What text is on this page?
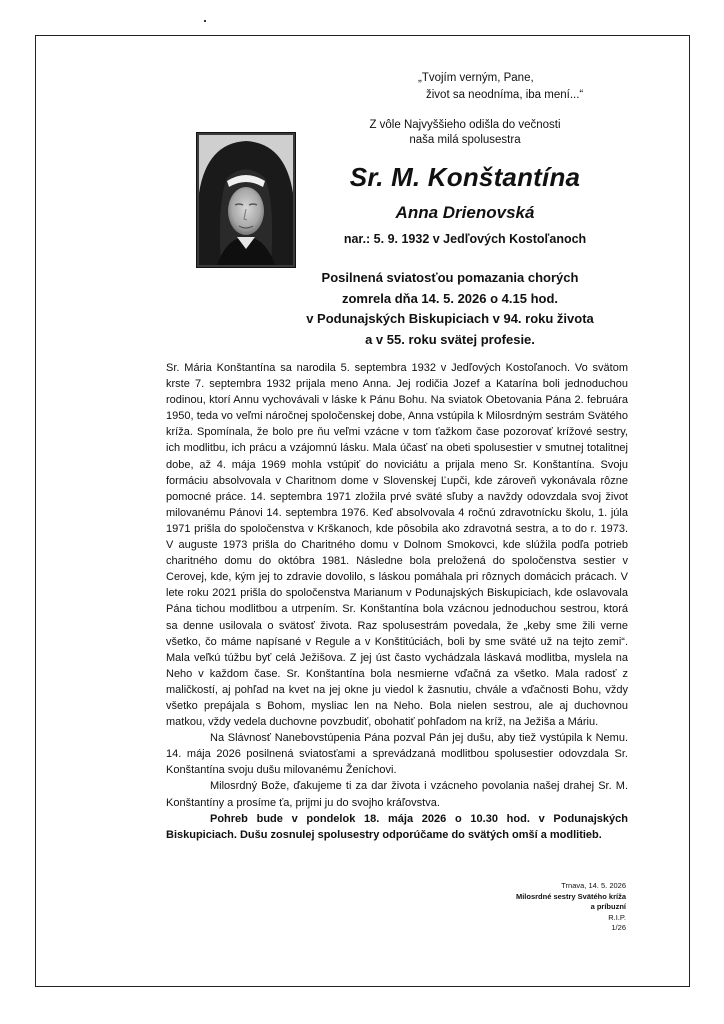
„Tvojím verným, Pane,
život sa neodníma, iba mení...“
Z vôle Najvyššieho odišla do večnosti
naša milá spolusestra
Sr. M. Konštantína
Anna Drienovská
nar.: 5. 9. 1932 v Jedľových Kostoľanoch
Posilnená sviatosťou pomazania chorých
zomrela dňa 14. 5. 2026 o 4.15 hod.
v Podunajských Biskupiciach v 94. roku života
a v 55. roku svätej profesie.

Sr. Mária Konštantína sa narodila 5. septembra 1932 v Jedľových Kostoľanoch. Vo svätom krste 7. septembra 1932 prijala meno Anna. Jej rodičia Jozef a Katarína boli jednoduchou rodinou, ktorí Annu vychovávali v láske k Pánu Bohu. Na sviatok Obetovania Pána 2. februára 1950, teda vo veľmi náročnej spoločenskej dobe, Anna vstúpila k Milosrdným sestrám Svätého kríža. Spomínala, že bolo pre ňu veľmi vzácne v tom ťažkom čase pozorovať krížové sestry, ich modlitbu, ich prácu a vzájomnú lásku. Mala účasť na obeti spolusestier v smutnej totalitnej dobe, až 4. mája 1969 mohla vstúpiť do noviciátu a prijala meno Sr. Konštantína. Svoju formáciu absolvovala v Charitnom dome v Slovenskej Ľupči, kde zároveň vykonávala rôzne pomocné práce. 14. septembra 1971 zložila prvé sväté sľuby a navždy odovzdala svoj život milovanému Pánovi 14. septembra 1976. Keď absolvovala 4 ročnú zdravotnícku školu, 1. júla 1971 prišla do spoločenstva v Krškanoch, kde pôsobila ako zdravotná sestra, a to do r. 1973. V auguste 1973 prišla do Charitného domu v Dolnom Smokovci, kde slúžila podľa potrieb charitného domu do októbra 1981. Následne bola preložená do spoločenstva sestier v Cerovej, kde, kým jej to zdravie dovolilo, s láskou pomáhala pri rôznych domácich prácach. V lete roku 2021 prišla do spoločenstva Marianum v Podunajských Biskupiciach, kde oslavovala Pána tichou modlitbou a utrpením. Sr. Konštantína bola vzácnou jednoduchou sestrou, ktorá sa denne usilovala o svätosť života. Raz spolusestrám povedala, že „keby sme žili verne všetko, čo máme napísané v Regule a v Konštitúciách, boli by sme sväté už na tejto zemi“. Mala veľkú túžbu byť celá Ježišova. Z jej úst často vychádzala láskavá modlitba, myslela na Neho v každom čase. Sr. Konštantína bola nesmierne vďačná za všetko. Mala radosť z maličkostí, aj pohľad na kvet na jej okne ju viedol k žasnutiu, chvále a vďačnosti Bohu, vždy všetko prepájala s Bohom, mysliac len na Neho. Bola nielen sestrou, ale aj duchovnou matkou, vždy vedela duchovne povzbudiť, obohatiť pohľadom na kríž, na Ježiša a Máriu.

Na Slávnosť Nanebovstúpenia Pána pozval Pán jej dušu, aby tiež vystúpila k Nemu. 14. mája 2026 posilnená sviatosťami a sprevádzaná modlitbou spolusestier odovzdala Sr. Konštantína svoju dušu milovanému Ženíchovi.

Milosrdný Bože, ďakujeme ti za dar života i vzácneho povolania našej drahej Sr. M. Konštantíny a prosíme ťa, prijmi ju do svojho kráľovstva.

Pohreb bude v pondelok 18. mája 2026 o 10.30 hod. v Podunajských Biskupiciach. Dušu zosnulej spolusestry odporúčame do svätých omší a modlitieb.

Trnava, 14. 5. 2026
Milosrdné sestry Svätého kríža
a príbuzní
R.I.P.
1/26
